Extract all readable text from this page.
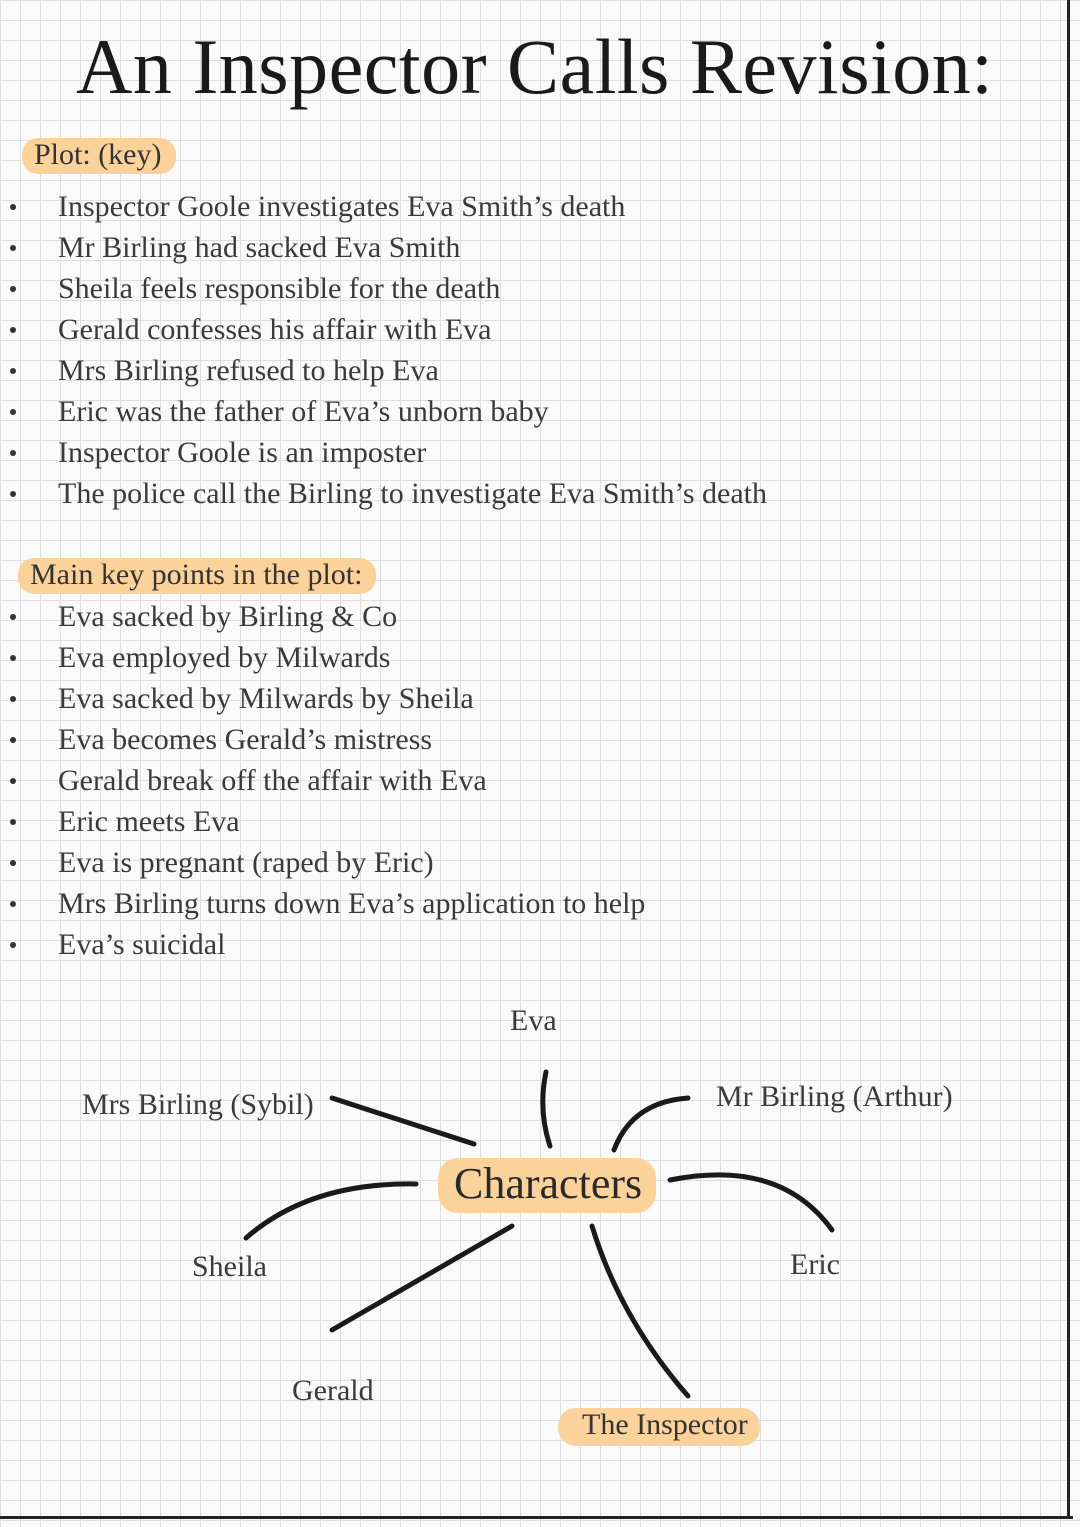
An Inspector Calls Revision:
Plot: (key)
Inspector Goole investigates Eva Smith’s death
Mr Birling had sacked Eva Smith
Sheila feels responsible for the death
Gerald confesses his affair with Eva
Mrs Birling refused to help Eva
Eric was the father of Eva’s unborn baby
Inspector Goole is an imposter
The police call the Birling to investigate Eva Smith’s death
Main key points in the plot:
Eva sacked by Birling & Co
Eva employed by Milwards
Eva sacked by Milwards by Sheila
Eva becomes Gerald’s mistress
Gerald break off the affair with Eva
Eric meets Eva
Eva is pregnant (raped by Eric)
Mrs Birling turns down Eva’s application to help
Eva’s suicidal
Eva
Mrs Birling (Sybil)	Mr Birling (Arthur)
Characters
Sheila	Eric
Gerald
The Inspector
